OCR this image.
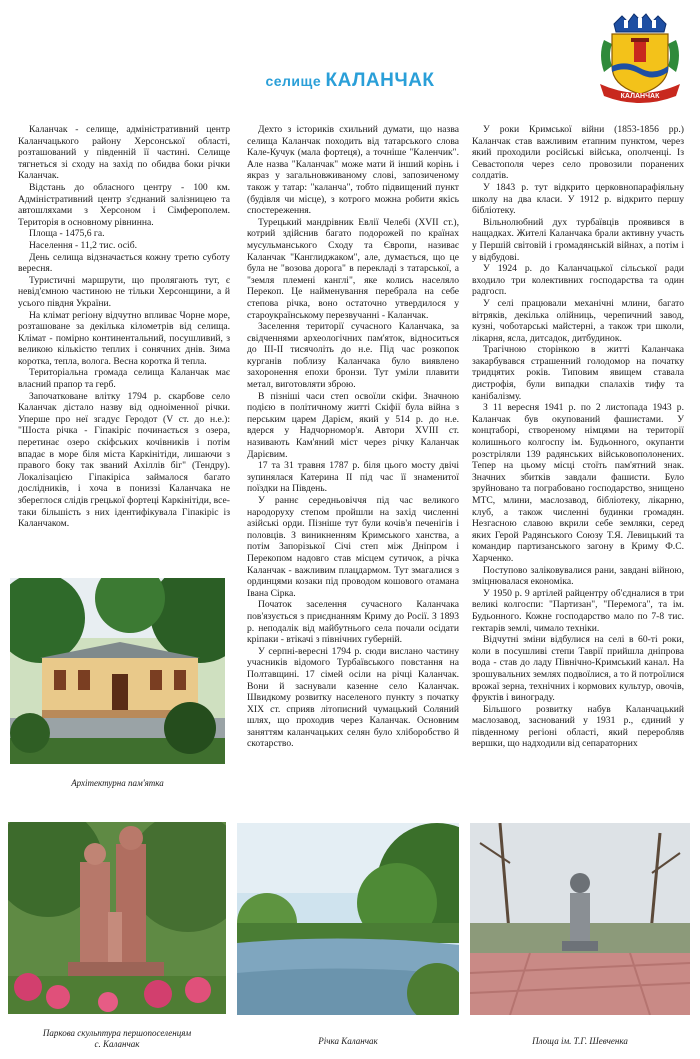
КАЛАНЧАК
селище КАЛАНЧАК

Каланчак - селище, адміністративний центр Каланчацького району Херсонської області, розташований у південній її частині. Селище тягнеться зі сходу на захід по обидва боки річки Каланчак.

Відстань до обласного центру - 100 км. Адміністративний центр з'єднаний залізницею та автошляхами з Херсоном і Сімферополем. Територія в основному рівнинна.

Площа - 1475,6 га.

Населення - 11,2 тис. осіб.

День селища відзначається кожну третю суботу вересня.

Туристичні маршрути, що пролягають тут, є невід'ємною частиною не тільки Херсонщини, а й усього півдня України.

На клімат регіону відчутно впливає Чорне море, розташоване за декілька кілометрів від селища. Клімат - помірно континентальний, посушливий, з великою кількістю теплих і сонячних днів. Зима коротка, тепла, волога. Весна коротка й тепла.

Територіальна громада селища Каланчак має власний прапор та герб.

Започатковане влітку 1794 р. скарбове село Каланчак дістало назву від одноіменної річки. Уперше про неї згадує Геродот (V ст. до н.е.): "Шоста річка - Гіпакіріс починається з озера, перетинає озеро скіфських кочівників і потім впадає в море біля міста Каркінітіди, лишаючи з правого боку так званий Ахіллів біг" (Тендру). Локалізацією Гіпакіріса займалося багато дослідників, і хоча в пониззі Каланчака не збереглося слідів грецької фортеці Каркінітіди, все-таки більшість з них ідентифікувала Гіпакіріс із Каланчаком.

Дехто з істориків схильний думати, що назва селища Каланчак походить від татарського слова Кале-Кучук (мала фортеця), а точніше "Каленчик". Але назва "Каланчак" може мати й інший корінь і якраз у загальновживаному слові, запозиченому також у татар: "каланча", тобто підвищений пункт (будівля чи місце), з котрого можна робити якісь спостереження.

Турецький мандрівник Евлії Челебі (XVII ст.), котрий здійснив багато подорожей по країнах мусульманського Сходу та Європи, називає Каланчак "Канглиджаком", але, думається, що це була не "возова дорога" в перекладі з татарської, а "земля племені канглі", яке колись населяло Перекоп. Це найменування перебрала на себе степова річка, воно остаточно утвердилося у староукраїнському перезвучанні - Каланчак.

Заселення території сучасного Каланчака, за свідченнями археологічних пам'яток, відноситься до III-II тисячоліть до н.е. Під час розкопок курганів поблизу Каланчака було виявлено захоронення епохи бронзи. Тут уміли плавити метал, виготовляти зброю.

В пізніші часи степ освоїли скіфи. Значною подією в політичному житті Скіфії була війна з перським царем Дарієм, який у 514 р. до н.е. вдерся у Надчорномор'я. Автори XVIII ст. називають Кам'яний міст через річку Каланчак Дарієвим.

17 та 31 травня 1787 р. біля цього мосту двічі зупинялася Катерина II під час її знаменитої поїздки на Південь.

У раннє середньовіччя під час великого народоруху степом пройшли на захід численні азійські орди. Пізніше тут були кочів'я печенігів і половців. З виникненням Кримського ханства, а потім Запорізької Січі степ між Дніпром і Перекопом надовго став місцем сутичок, а річка Каланчак - важливим плацдармом. Тут змагалися з ординцями козаки під проводом кошового отамана Івана Сірка.

Початок заселення сучасного Каланчака пов'язується з приєднанням Криму до Росії. З 1893 р. неподалік від майбутнього села почали осідати кріпаки - втікачі з північних губерній.

У серпні-вересні 1794 р. сюди вислано частину учасників відомого Турбаївського повстання на Полтавщині. 17 сімей осіли на річці Каланчак. Вони й заснували казенне село Каланчак. Швидкому розвитку населеного пункту з початку XIX ст. сприяв літописний чумацький Соляний шлях, що проходив через Каланчак. Основним заняттям каланчацьких селян було хліборобство й скотарство.

У роки Кримської війни (1853-1856 рр.) Каланчак став важливим етапним пунктом, через який проходили російські війська, ополченці. Із Севастополя через село провозили поранених солдатів.

У 1843 р. тут відкрито церковнопарафіяльну школу на два класи. У 1912 р. відкрито першу бібліотеку.

Вільнолюбний дух турбаївців проявився в нащадках. Жителі Каланчака брали активну участь у Першій світовій і громадянській війнах, а потім і у відбудові.

У 1924 р. до Каланчацької сільської ради входило три колективних господарства та один радгосп.

У селі працювали механічні млини, багато вітряків, декілька олійниць, черепичний завод, кузні, чоботарські майстерні, а також три школи, лікарня, ясла, дитсадок, дитбудинок.

Трагічною сторінкою в житті Каланчака закарбувався страшенний голодомор на початку тридцятих років. Типовим явищем ставала дистрофія, були випадки спалахів тифу та канібалізму.

З 11 вересня 1941 р. по 2 листопада 1943 р. Каланчак був окупований фашистами. У концтаборі, створеному німцями на території колишнього колгоспу ім. Будьонного, окупанти розстріляли 139 радянських військовополонених. Тепер на цьому місці стоїть пам'ятний знак. Значних збитків завдали фашисти. Було зруйновано та пограбовано господарство, знищено МТС, млини, маслозавод, бібліотеку, лікарню, клуб, а також численні будинки громадян. Незгасною славою вкрили себе земляки, серед яких Герой Радянського Союзу Т.Я. Левицький та командир партизанського загону в Криму Ф.С. Харченко.

Поступово заліковувалися рани, завдані війною, зміцнювалася економіка.

У 1950 р. 9 артілей райцентру об'єдналися в три великі колгоспи: "Партизан", "Перемога", та ім. Будьонного. Кожне господарство мало по 7-8 тис. гектарів землі, чимало техніки.

Відчутні зміни відбулися на селі в 60-ті роки, коли в посушливі степи Таврії прийшла дніпрова вода - став до ладу Північно-Кримський канал. На зрошувальних землях подвоїлися, а то й потроїлися врожаї зерна, технічних і кормових культур, овочів, фруктів і винограду.

Більшого розвитку набув Каланчацький маслозавод, заснований у 1931 р., єдиний у південному регіоні області, який переробляв вершки, що надходили від сепараторних

Архітектурна пам'ятка
Паркова скульптура першопоселенцям
с. Каланчак	Річка Каланчак	Площа ім. Т.Г. Шевченка
